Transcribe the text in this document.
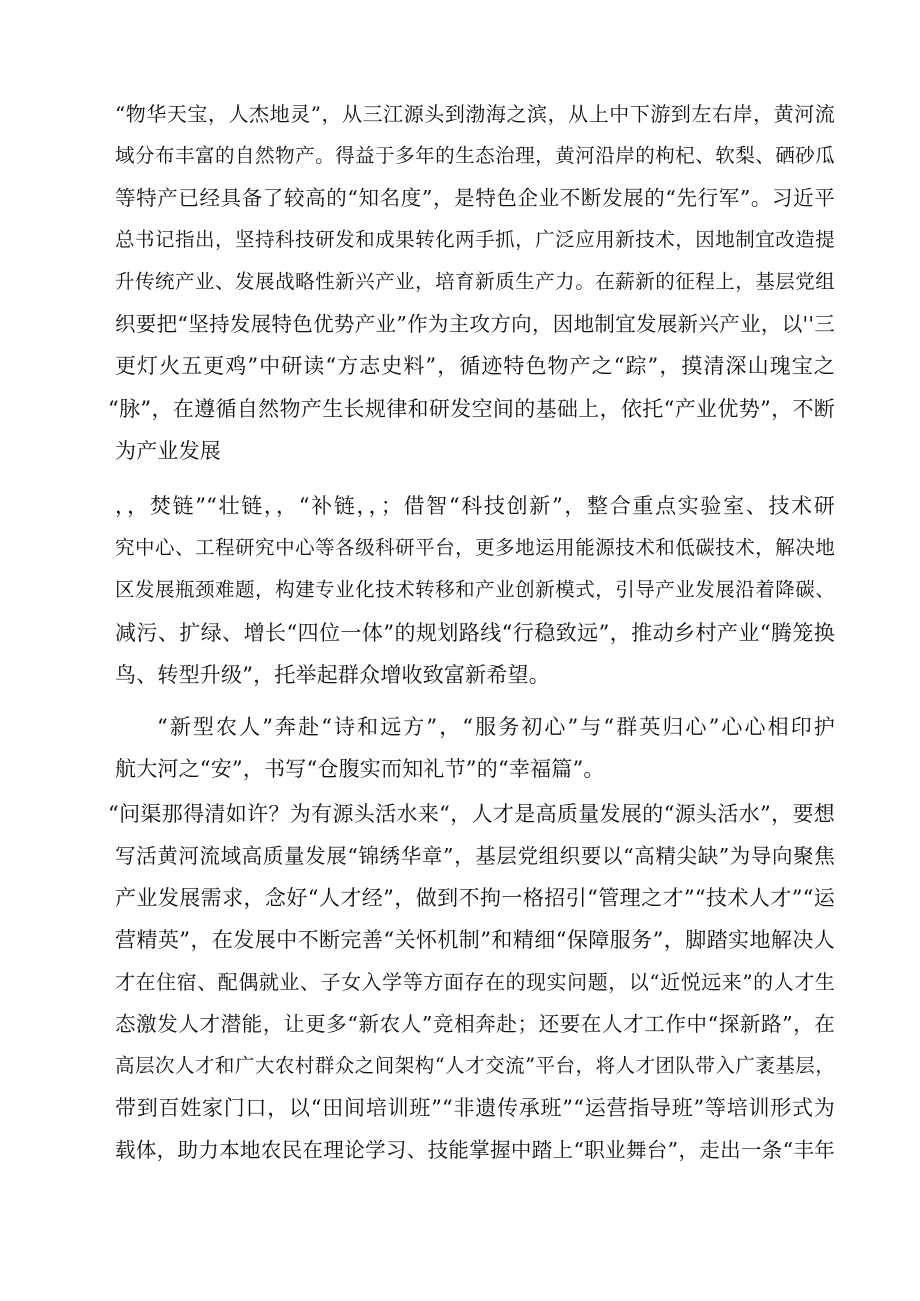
“物华天宝，人杰地灵”，从三江源头到渤海之滨，从上中下游到左右岸，黄河流
域分布丰富的自然物产。得益于多年的生态治理，黄河沿岸的枸杞、软梨、硒砂瓜
等特产已经具备了较高的“知名度”，是特色企业不断发展的“先行军”。习近平
总书记指出，坚持科技研发和成果转化两手抓，广泛应用新技术，因地制宜改造提
升传统产业、发展战略性新兴产业，培育新质生产力。在薪新的征程上，基层党组
织要把“坚持发展特色优势产业”作为主攻方向，因地制宜发展新兴产业，以''三
更灯火五更鸡”中研读“方志史料”，循迹特色物产之“踪”，摸清深山瑰宝之
“脉”，在遵循自然物产生长规律和研发空间的基础上，依托“产业优势”，不断
为产业发展
，，焚链”“壮链，，“补链，，；借智“科技创新”，整合重点实验室、技术研
究中心、工程研究中心等各级科研平台，更多地运用能源技术和低碳技术，解决地
区发展瓶颈难题，构建专业化技术转移和产业创新模式，引导产业发展沿着降碳、
减污、扩绿、增长“四位一体”的规划路线“行稳致远”，推动乡村产业“腾笼换
鸟、转型升级”，托举起群众增收致富新希望。
“新型农人”奔赴“诗和远方”，“服务初心”与“群英归心”心心相印护
航大河之“安”，书写“仓腹实而知礼节”的“幸福篇”。
“问渠那得清如许？为有源头活水来“，人才是高质量发展的“源头活水”，要想
写活黄河流域高质量发展“锦绣华章”，基层党组织要以“高精尖缺”为导向聚焦
产业发展需求，念好“人才经”，做到不拘一格招引“管理之才”“技术人才”“运
营精英”，在发展中不断完善“关怀机制”和精细“保障服务”，脚踏实地解决人
才在住宿、配偶就业、子女入学等方面存在的现实问题，以“近悦远来”的人才生
态激发人才潜能，让更多“新农人”竞相奔赴；还要在人才工作中“探新路”，在
高层次人才和广大农村群众之间架构“人才交流”平台，将人才团队带入广袤基层，
带到百姓家门口，以“田间培训班”“非遗传承班”“运营指导班”等培训形式为
载体，助力本地农民在理论学习、技能掌握中踏上“职业舞台”，走出一条“丰年
